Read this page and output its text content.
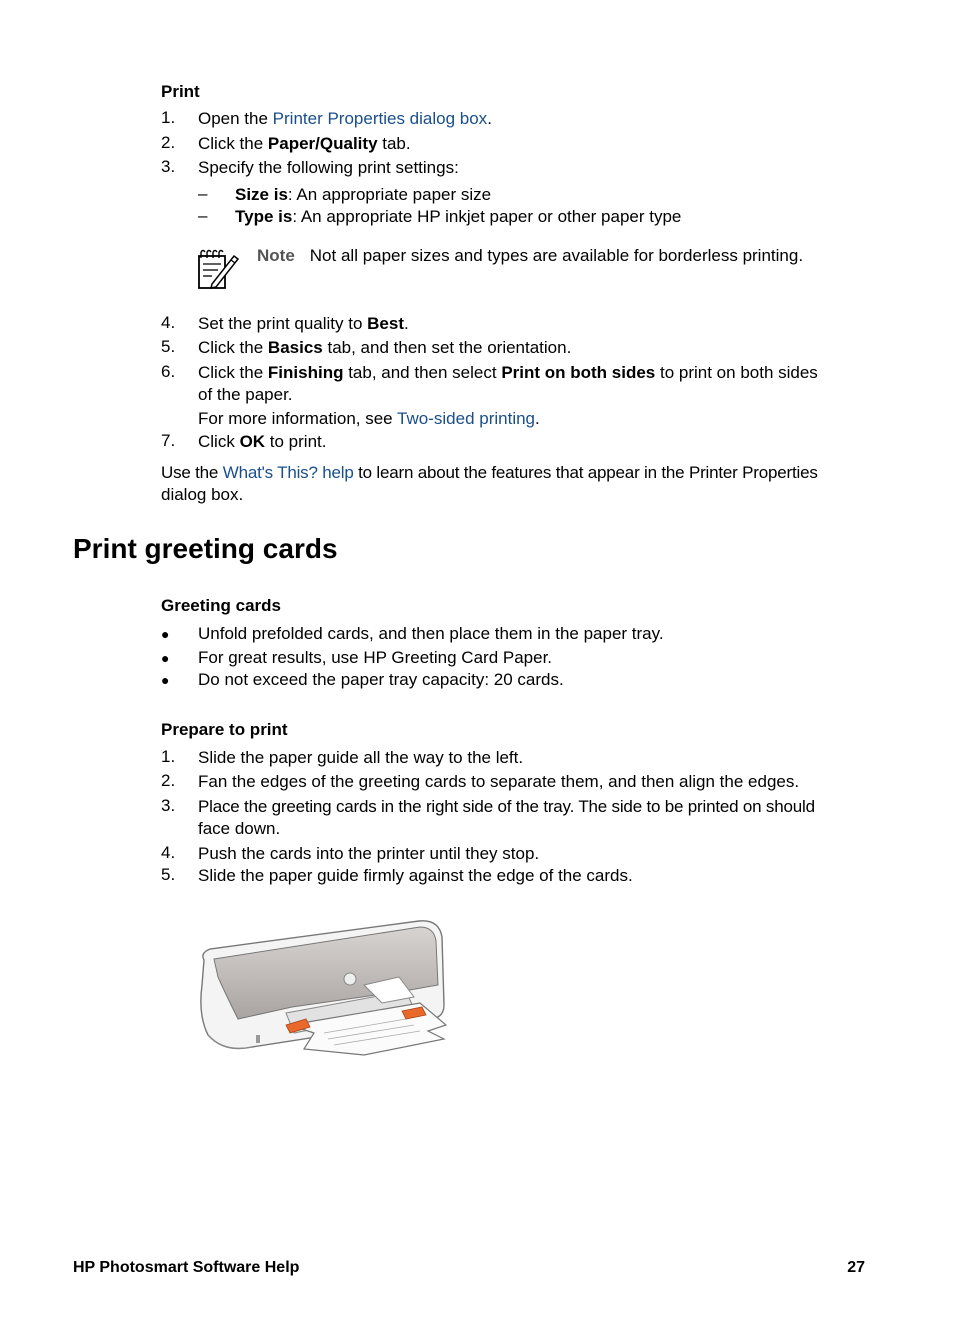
Print
1.	Open the Printer Properties dialog box.
2.	Click the Paper/Quality tab.
3.	Specify the following print settings:
– Size is: An appropriate paper size
– Type is: An appropriate HP inkjet paper or other paper type
Note Not all paper sizes and types are available for borderless printing.
4.	Set the print quality to Best.
5.	Click the Basics tab, and then set the orientation.
6.	Click the Finishing tab, and then select Print on both sides to print on both sides
of the paper.
For more information, see Two-sided printing.
7.	Click OK to print.
Use the What's This? help to learn about the features that appear in the Printer Properties
dialog box.
Print greeting cards
Greeting cards
●	Unfold prefolded cards, and then place them in the paper tray.
●	For great results, use HP Greeting Card Paper.
●	Do not exceed the paper tray capacity: 20 cards.
Prepare to print
1.	Slide the paper guide all the way to the left.
2.	Fan the edges of the greeting cards to separate them, and then align the edges.
3.	Place the greeting cards in the right side of the tray. The side to be printed on should
face down.
4.	Push the cards into the printer until they stop.
5.	Slide the paper guide firmly against the edge of the cards.
HP Photosmart Software Help	27
